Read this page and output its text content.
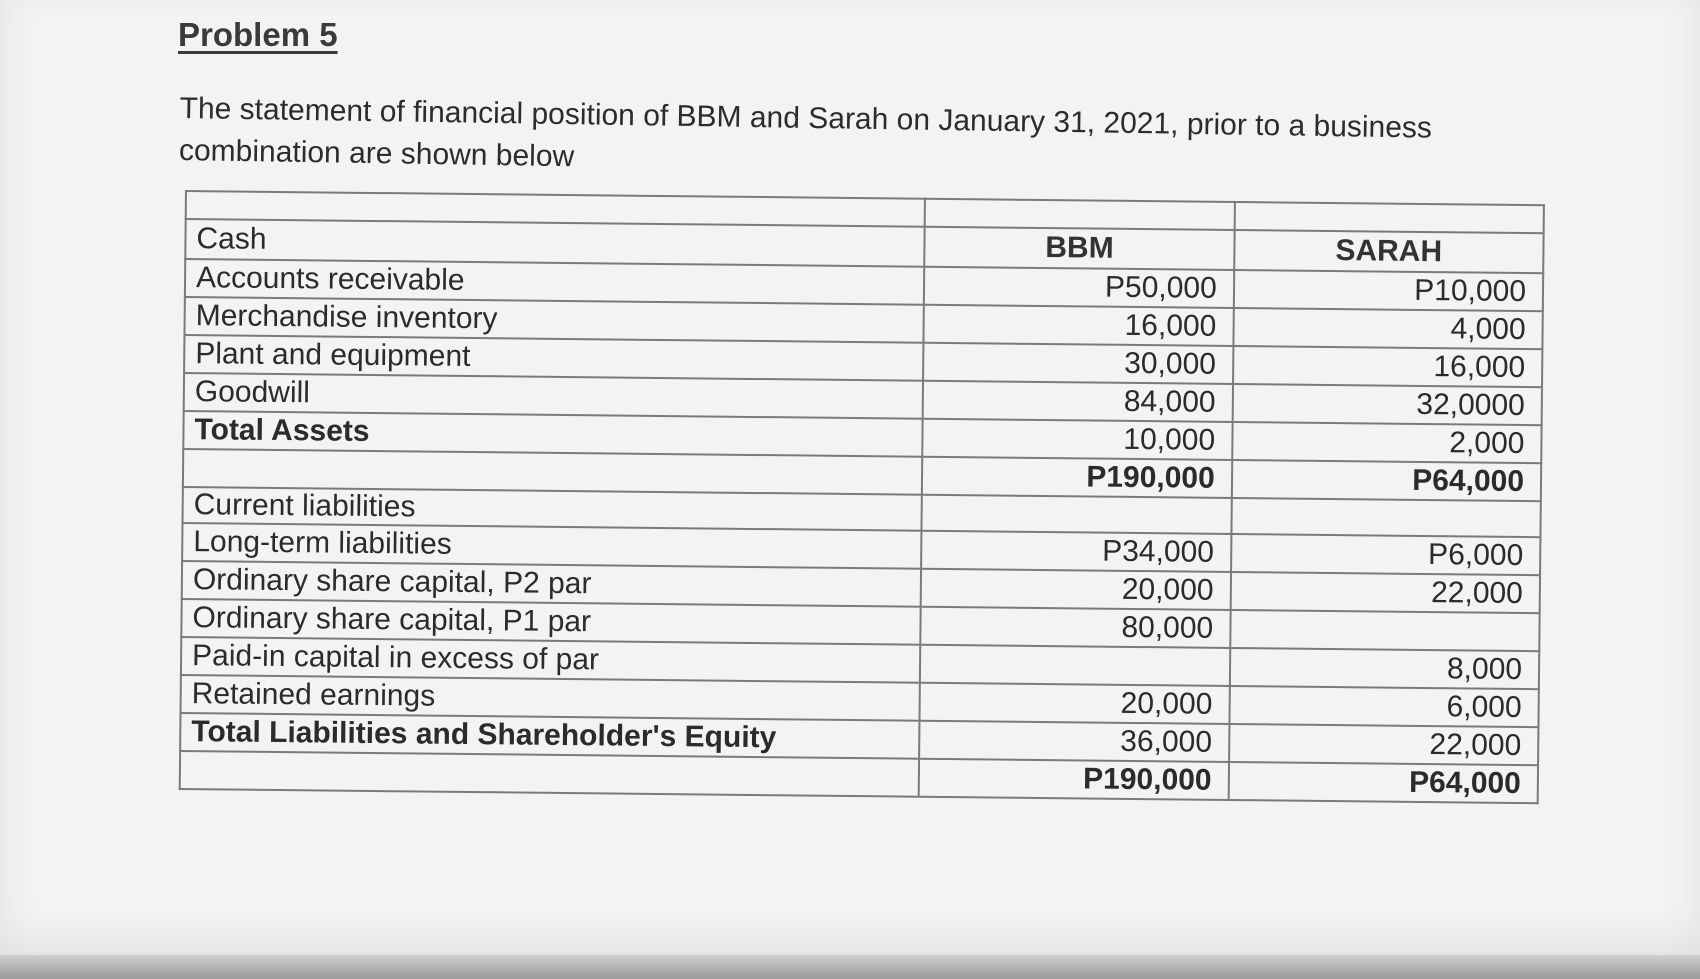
Problem 5
The statement of financial position of BBM and Sarah on January 31, 2021, prior to a business combination are shown below

Cash	BBM	SARAH
Accounts receivable	P50,000	P10,000
Merchandise inventory	16,000	4,000
Plant and equipment	30,000	16,000
Goodwill	84,000	32,0000
Total Assets	10,000	2,000
	P190,000	P64,000
Current liabilities		
Long-term liabilities	P34,000	P6,000
Ordinary share capital, P2 par	20,000	22,000
Ordinary share capital, P1 par	80,000	
Paid-in capital in excess of par		8,000
Retained earnings	20,000	6,000
Total Liabilities and Shareholder's Equity	36,000	22,000
	P190,000	P64,000
